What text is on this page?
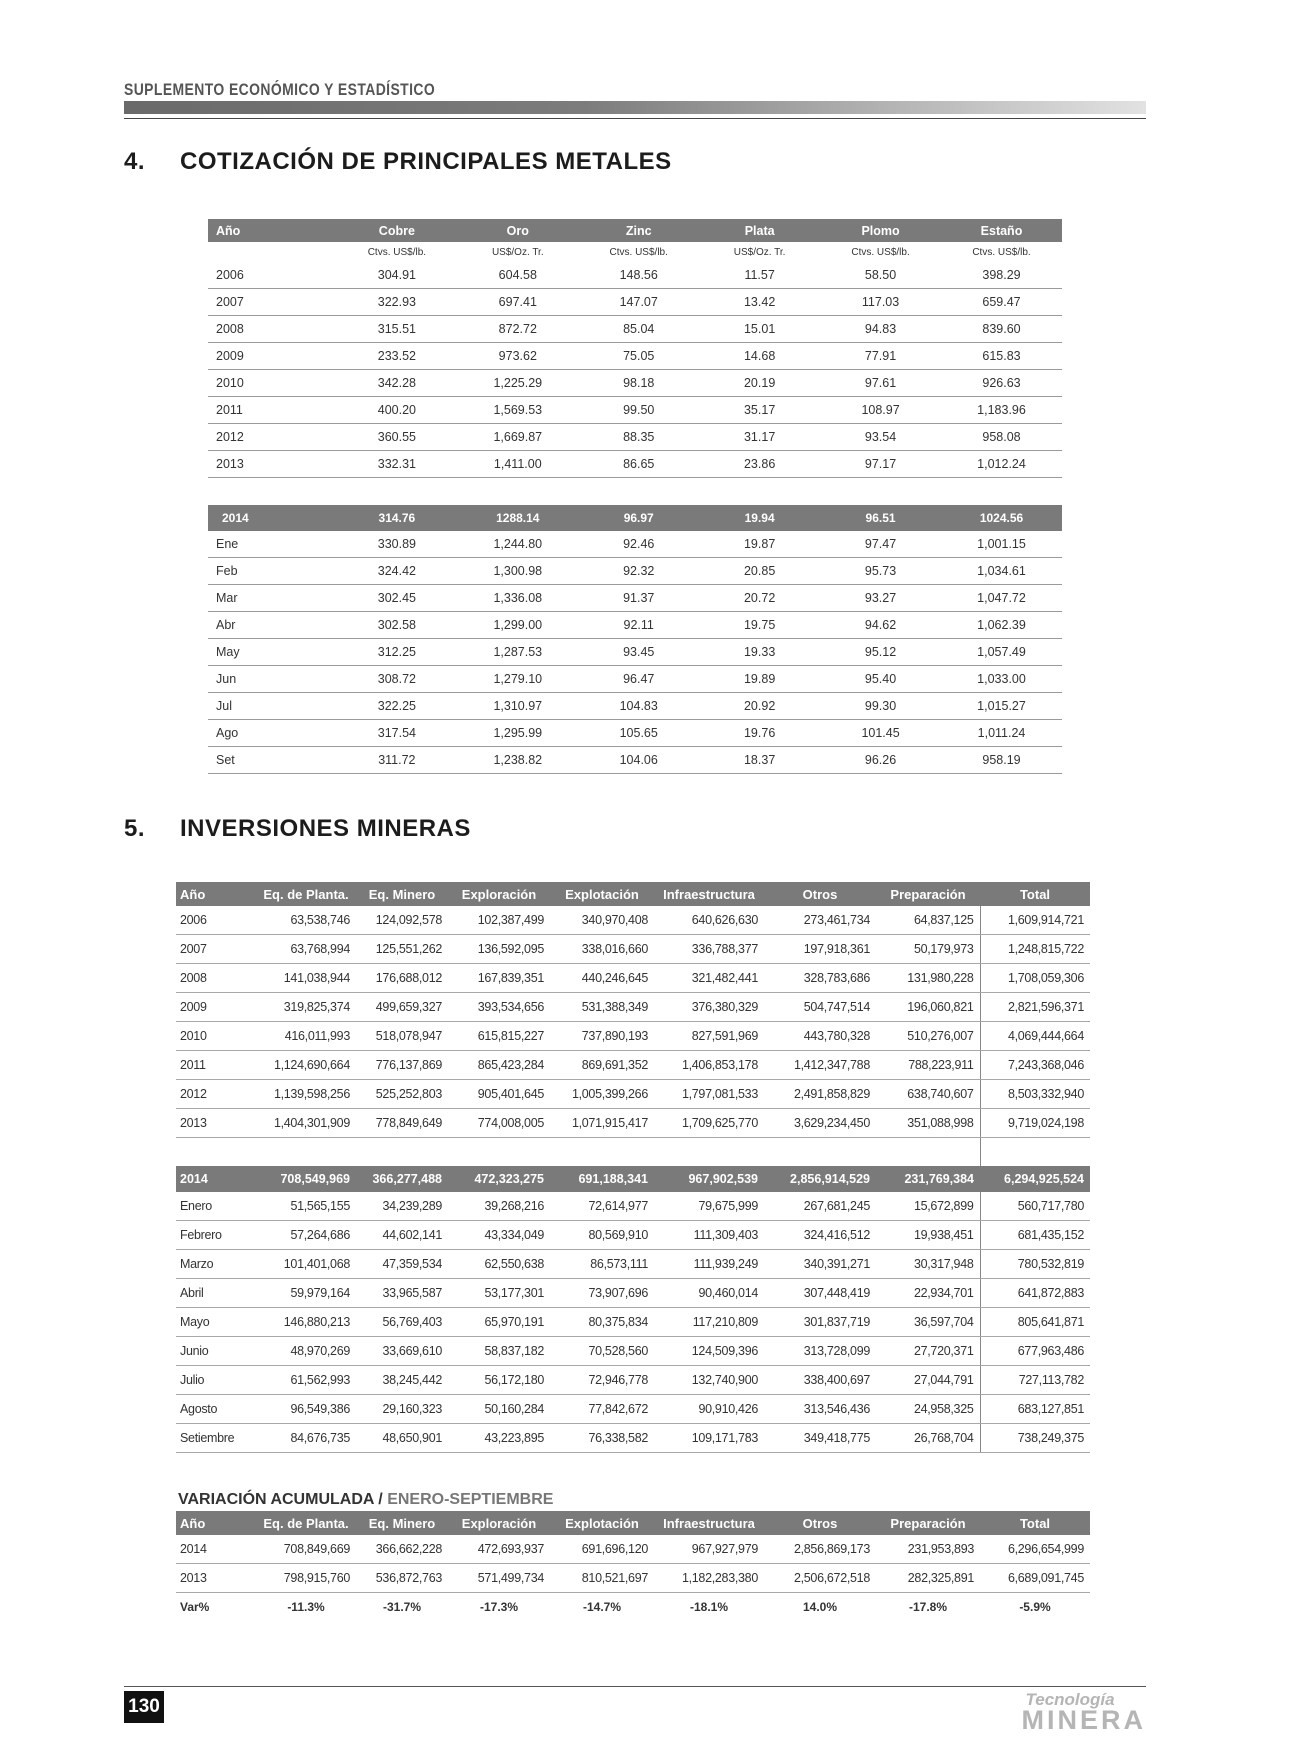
SUPLEMENTO ECONÓMICO Y ESTADÍSTICO
4. COTIZACIÓN DE PRINCIPALES METALES
Año	Cobre	Oro	Zinc	Plata	Plomo	Estaño
	Ctvs. US$/lb.	US$/Oz. Tr.	Ctvs. US$/lb.	US$/Oz. Tr.	Ctvs. US$/lb.	Ctvs. US$/lb.
2006	304.91	604.58	148.56	11.57	58.50	398.29
2007	322.93	697.41	147.07	13.42	117.03	659.47
2008	315.51	872.72	85.04	15.01	94.83	839.60
2009	233.52	973.62	75.05	14.68	77.91	615.83
2010	342.28	1,225.29	98.18	20.19	97.61	926.63
2011	400.20	1,569.53	99.50	35.17	108.97	1,183.96
2012	360.55	1,669.87	88.35	31.17	93.54	958.08
2013	332.31	1,411.00	86.65	23.86	97.17	1,012.24
2014	314.76	1288.14	96.97	19.94	96.51	1024.56
Ene	330.89	1,244.80	92.46	19.87	97.47	1,001.15
Feb	324.42	1,300.98	92.32	20.85	95.73	1,034.61
Mar	302.45	1,336.08	91.37	20.72	93.27	1,047.72
Abr	302.58	1,299.00	92.11	19.75	94.62	1,062.39
May	312.25	1,287.53	93.45	19.33	95.12	1,057.49
Jun	308.72	1,279.10	96.47	19.89	95.40	1,033.00
Jul	322.25	1,310.97	104.83	20.92	99.30	1,015.27
Ago	317.54	1,295.99	105.65	19.76	101.45	1,011.24
Set	311.72	1,238.82	104.06	18.37	96.26	958.19
5. INVERSIONES MINERAS
Año	Eq. de Planta.	Eq. Minero	Exploración	Explotación	Infraestructura	Otros	Preparación	Total
2006	63,538,746	124,092,578	102,387,499	340,970,408	640,626,630	273,461,734	64,837,125	1,609,914,721
2007	63,768,994	125,551,262	136,592,095	338,016,660	336,788,377	197,918,361	50,179,973	1,248,815,722
2008	141,038,944	176,688,012	167,839,351	440,246,645	321,482,441	328,783,686	131,980,228	1,708,059,306
2009	319,825,374	499,659,327	393,534,656	531,388,349	376,380,329	504,747,514	196,060,821	2,821,596,371
2010	416,011,993	518,078,947	615,815,227	737,890,193	827,591,969	443,780,328	510,276,007	4,069,444,664
2011	1,124,690,664	776,137,869	865,423,284	869,691,352	1,406,853,178	1,412,347,788	788,223,911	7,243,368,046
2012	1,139,598,256	525,252,803	905,401,645	1,005,399,266	1,797,081,533	2,491,858,829	638,740,607	8,503,332,940
2013	1,404,301,909	778,849,649	774,008,005	1,071,915,417	1,709,625,770	3,629,234,450	351,088,998	9,719,024,198

2014	708,549,969	366,277,488	472,323,275	691,188,341	967,902,539	2,856,914,529	231,769,384	6,294,925,524
Enero	51,565,155	34,239,289	39,268,216	72,614,977	79,675,999	267,681,245	15,672,899	560,717,780
Febrero	57,264,686	44,602,141	43,334,049	80,569,910	111,309,403	324,416,512	19,938,451	681,435,152
Marzo	101,401,068	47,359,534	62,550,638	86,573,111	111,939,249	340,391,271	30,317,948	780,532,819
Abril	59,979,164	33,965,587	53,177,301	73,907,696	90,460,014	307,448,419	22,934,701	641,872,883
Mayo	146,880,213	56,769,403	65,970,191	80,375,834	117,210,809	301,837,719	36,597,704	805,641,871
Junio	48,970,269	33,669,610	58,837,182	70,528,560	124,509,396	313,728,099	27,720,371	677,963,486
Julio	61,562,993	38,245,442	56,172,180	72,946,778	132,740,900	338,400,697	27,044,791	727,113,782
Agosto	96,549,386	29,160,323	50,160,284	77,842,672	90,910,426	313,546,436	24,958,325	683,127,851
Setiembre	84,676,735	48,650,901	43,223,895	76,338,582	109,171,783	349,418,775	26,768,704	738,249,375
VARIACIÓN ACUMULADA / ENERO-SEPTIEMBRE
Año	Eq. de Planta.	Eq. Minero	Exploración	Explotación	Infraestructura	Otros	Preparación	Total
2014	708,849,669	366,662,228	472,693,937	691,696,120	967,927,979	2,856,869,173	231,953,893	6,296,654,999
2013	798,915,760	536,872,763	571,499,734	810,521,697	1,182,283,380	2,506,672,518	282,325,891	6,689,091,745
Var%	-11.3%	-31.7%	-17.3%	-14.7%	-18.1%	14.0%	-17.8%	-5.9%
130	Tecnología
MINERA
